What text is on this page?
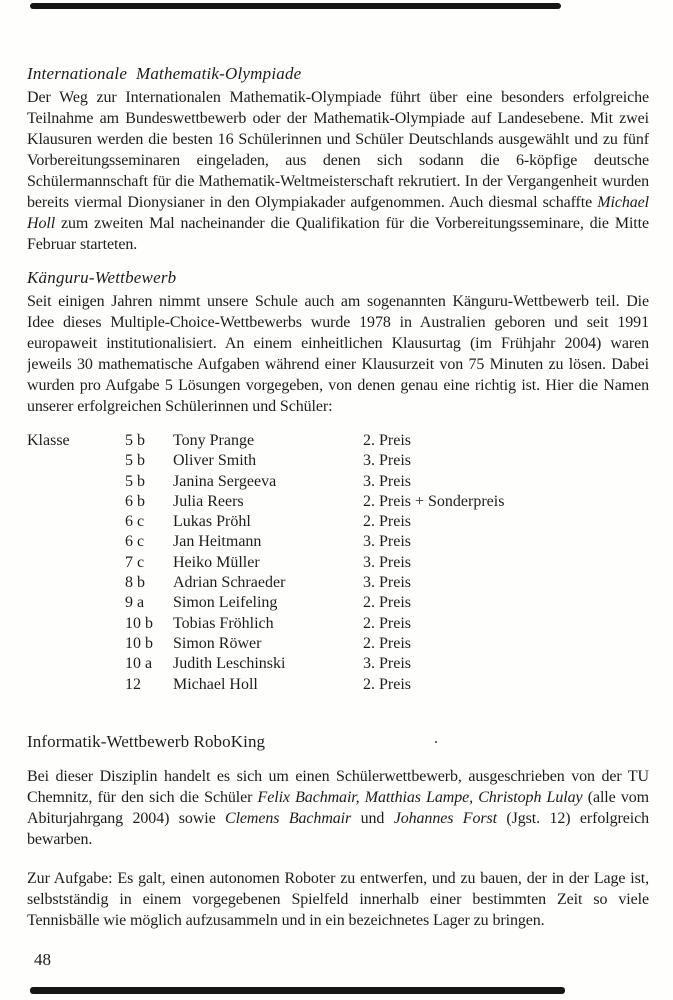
Internationale  Mathematik-Olympiade
Der Weg zur Internationalen Mathematik-Olympiade führt über eine besonders erfolgreiche Teilnahme am Bundeswettbewerb oder der Mathematik-Olympiade auf Landesebene. Mit zwei Klausuren werden die besten 16 Schülerinnen und Schüler Deutschlands ausgewählt und zu fünf Vorbereitungsseminaren eingeladen, aus denen sich sodann die 6-köpfige deutsche Schülermannschaft für die Mathematik-Weltmeisterschaft rekrutiert. In der Vergangenheit wurden bereits viermal Dionysianer in den Olympiakader aufgenommen. Auch diesmal schaffte Michael Holl zum zweiten Mal nacheinander die Qualifikation für die Vorbereitungsseminare, die Mitte Februar starteten.
Känguru-Wettbewerb
Seit einigen Jahren nimmt unsere Schule auch am sogenannten Känguru-Wettbewerb teil. Die Idee dieses Multiple-Choice-Wettbewerbs wurde 1978 in Australien geboren und seit 1991 europaweit institutionalisiert. An einem einheitlichen Klausurtag (im Frühjahr 2004) waren jeweils 30 mathematische Aufgaben während einer Klausurzeit von 75 Minuten zu lösen. Dabei wurden pro Aufgabe 5 Lösungen vorgegeben, von denen genau eine richtig ist. Hier die Namen unserer erfolgreichen Schülerinnen und Schüler:
Klasse	5 b Tony Prange	2. Preis
5 b Oliver Smith	3. Preis
5 b Janina Sergeeva	3. Preis
6 b Julia Reers	2. Preis + Sonderpreis
6 c Lukas Pröhl	2. Preis
6 c Jan Heitmann	3. Preis
7 c Heiko Müller	3. Preis
8 b Adrian Schraeder	3. Preis
9 a Simon Leifeling	2. Preis
10 b Tobias Fröhlich	2. Preis
10 b Simon Röwer	2. Preis
10 a Judith Leschinski	3. Preis
12 Michael Holl	2. Preis
Informatik-Wettbewerb RoboKing	.
Bei dieser Disziplin handelt es sich um einen Schülerwettbewerb, ausgeschrieben von der TU Chemnitz, für den sich die Schüler Felix Bachmair, Matthias Lampe, Christoph Lulay (alle vom Abiturjahrgang 2004) sowie Clemens Bachmair und Johannes Forst (Jgst. 12) erfolgreich bewarben.
Zur Aufgabe: Es galt, einen autonomen Roboter zu entwerfen, und zu bauen, der in der Lage ist, selbstständig in einem vorgegebenen Spielfeld innerhalb einer bestimmten Zeit so viele Tennisbälle wie möglich aufzusammeln und in ein bezeichnetes Lager zu bringen.
48
